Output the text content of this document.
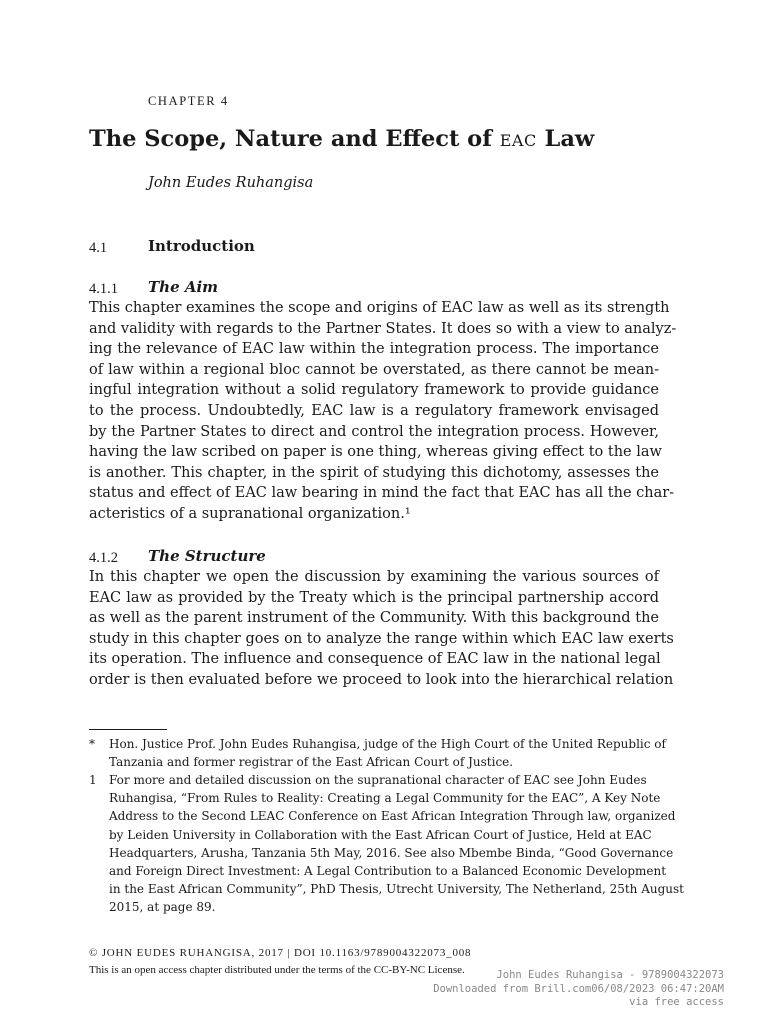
CHAPTER 4
The Scope, Nature and Effect of eac Law
John Eudes Ruhangisa
4.1	Introduction
4.1.1 The Aim
This chapter examines the scope and origins of EAC law as well as its strength
and validity with regards to the Partner States. It does so with a view to analyz-
ing the relevance of EAC law within the integration process. The importance
of law within a regional bloc cannot be overstated, as there cannot be mean-
ingful integration without a solid regulatory framework to provide guidance
to the process. Undoubtedly, EAC law is a regulatory framework envisaged
by the Partner States to direct and control the integration process. However,
having the law scribed on paper is one thing, whereas giving effect to the law
is another. This chapter, in the spirit of studying this dichotomy, assesses the
status and effect of EAC law bearing in mind the fact that EAC has all the char-
acteristics of a supranational organization.¹
4.1.2 The Structure
In this chapter we open the discussion by examining the various sources of
EAC law as provided by the Treaty which is the principal partnership accord
as well as the parent instrument of the Community. With this background the
study in this chapter goes on to analyze the range within which EAC law exerts
its operation. The influence and consequence of EAC law in the national legal
order is then evaluated before we proceed to look into the hierarchical relation
* Hon. Justice Prof. John Eudes Ruhangisa, judge of the High Court of the United Republic of
Tanzania and former registrar of the East African Court of Justice.
1 For more and detailed discussion on the supranational character of EAC see John Eudes
Ruhangisa, “From Rules to Reality: Creating a Legal Community for the EAC”, A Key Note
Address to the Second LEAC Conference on East African Integration Through law, organized
by Leiden University in Collaboration with the East African Court of Justice, Held at EAC
Headquarters, Arusha, Tanzania 5th May, 2016. See also Mbembe Binda, “Good Governance
and Foreign Direct Investment: A Legal Contribution to a Balanced Economic Development
in the East African Community”, PhD Thesis, Utrecht University, The Netherland, 25th August
2015, at page 89.
© JOHN EUDES RUHANGISA, 2017 | DOI 10.1163/9789004322073_008
This is an open access chapter distributed under the terms of the CC-BY-NC License.	John Eudes Ruhangisa - 9789004322073
Downloaded from Brill.com06/08/2023 06:47:20AM
via free access
